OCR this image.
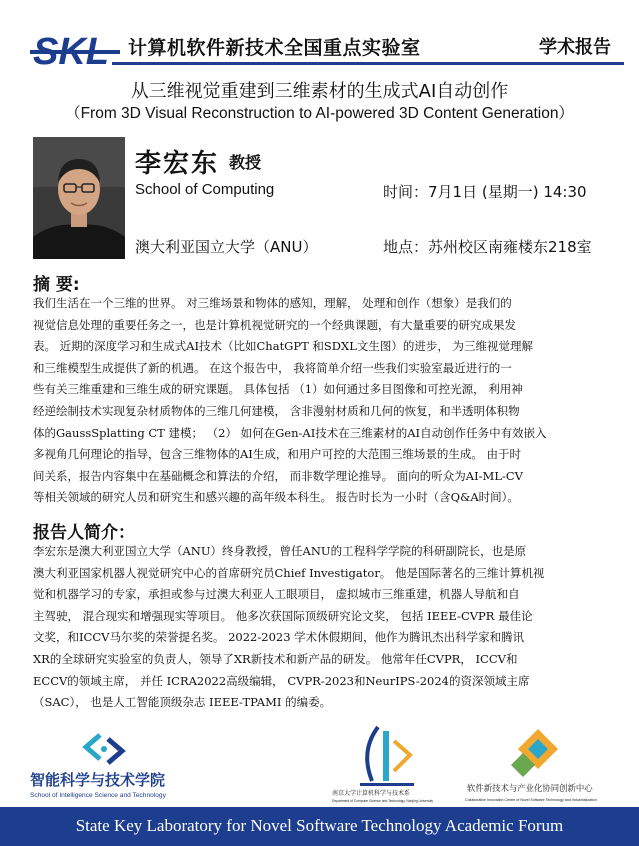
SKL 计算机软件新技术全国重点实验室	学术报告
从三维视觉重建到三维素材的生成式AI自动创作
（From 3D Visual Reconstruction to AI-powered 3D Content Generation）
李宏东 教授
School of Computing	时间：7月1日 (星期一) 14:30
澳大利亚国立大学（ANU）	地点：苏州校区南雍楼东218室
摘 要:
我们生活在一个三维的世界。 对三维场景和物体的感知，理解， 处理和创作（想象）是我们的
视觉信息处理的重要任务之一，也是计算机视觉研究的一个经典课题，有大量重要的研究成果发
表。 近期的深度学习和生成式AI技术（比如ChatGPT 和SDXL文生图）的进步， 为三维视觉理解
和三维模型生成提供了新的机遇。 在这个报告中， 我将简单介绍一些我们实验室最近进行的一
些有关三维重建和三维生成的研究课题。 具体包括 （1）如何通过多目图像和可控光源， 利用神
经逆绘制技术实现复杂材质物体的三维几何建模， 含非漫射材质和几何的恢复，和半透明体积物
体的GaussSplatting CT 建模； （2） 如何在Gen-AI技术在三维素材的AI自动创作任务中有效嵌入
多视角几何理论的指导，包含三维物体的AI生成，和用户可控的大范围三维场景的生成。 由于时
间关系，报告内容集中在基础概念和算法的介绍， 而非数学理论推导。 面向的听众为AI-ML-CV
等相关领域的研究人员和研究生和感兴趣的高年级本科生。 报告时长为一小时（含Q&A时间）。
报告人简介：
李宏东是澳大利亚国立大学（ANU）终身教授，曾任ANU的工程科学学院的科研副院长，也是原
澳大利亚国家机器人视觉研究中心的首席研究员Chief Investigator。 他是国际著名的三维计算机视
觉和机器学习的专家，承担或参与过澳大利亚人工眼项目， 虚拟城市三维重建，机器人导航和自
主驾驶， 混合现实和增强现实等项目。 他多次获国际顶级研究论文奖， 包括 IEEE-CVPR 最佳论
文奖，和ICCV马尔奖的荣誉提名奖。 2022-2023 学术休假期间，他作为腾讯杰出科学家和腾讯
XR的全球研究实验室的负责人，领导了XR新技术和新产品的研发。 他常年任CVPR， ICCV和
ECCV的领域主席， 并任 ICRA2022高级编辑， CVPR-2023和NeurIPS-2024的资深领域主席
（SAC）， 也是人工智能顶级杂志 IEEE-TPAMI 的编委。
智能科学与技术学院
School of Intelligence Science and Technology	南京大学计算机科学与技术系
Department of Computer Science and Technology, Nanjing University
软件新技术与产业化协同创新中心
Collaborative Innovation Center of Novel Software Technology and Industrialization
State Key Laboratory for Novel Software Technology Academic Forum
